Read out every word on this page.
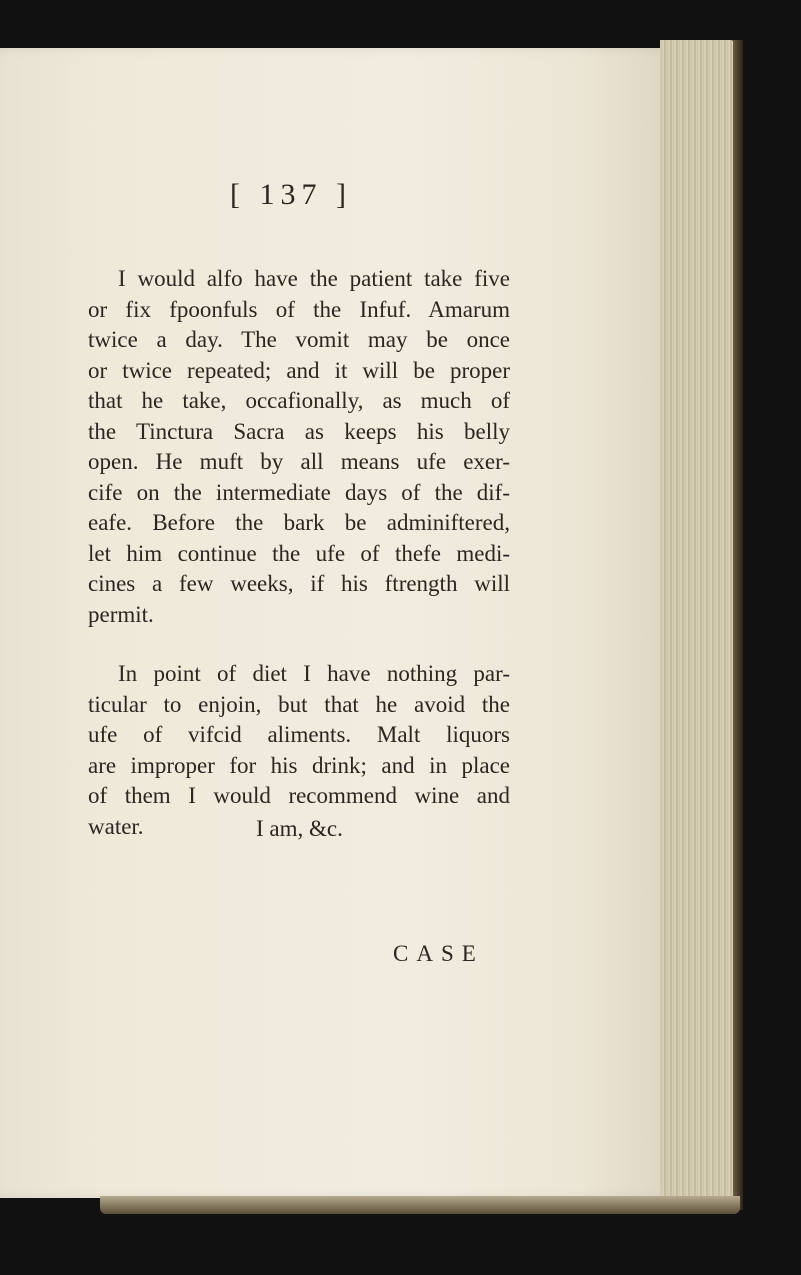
[ 137 ]
I would alfo have the patient take five
or fix fpoonfuls of the Infuf. Amarum
twice a day. The vomit may be once
or twice repeated; and it will be proper
that he take, occafionally, as much of
the Tinctura Sacra as keeps his belly
open. He muft by all means ufe exer-
cife on the intermediate days of the dif-
eafe. Before the bark be adminiftered,
let him continue the ufe of thefe medi-
cines a few weeks, if his ftrength will
permit.
In point of diet I have nothing par-
ticular to enjoin, but that he avoid the
ufe of vifcid aliments. Malt liquors
are improper for his drink; and in place
of them I would recommend wine and
water.	I am, &c.
CASE
